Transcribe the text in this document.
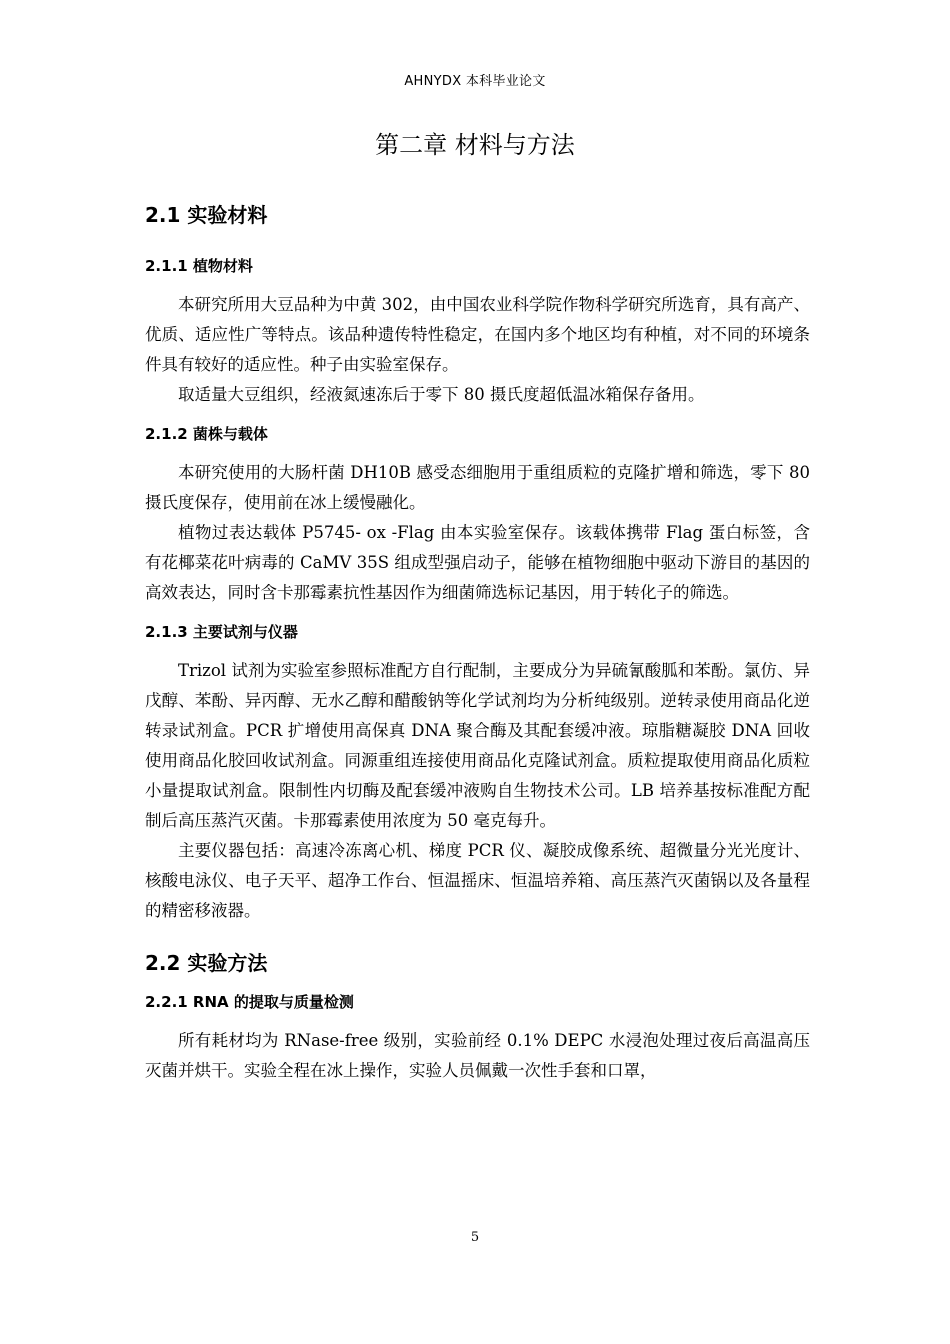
AHNYDX 本科毕业论文
第二章 材料与方法
2.1 实验材料
2.1.1 植物材料

本研究所用大豆品种为中黄 302，由中国农业科学院作物科学研究所选育，具有高产、优质、适应性广等特点。该品种遗传特性稳定，在国内多个地区均有种植，对不同的环境条件具有较好的适应性。种子由实验室保存。

取适量大豆组织，经液氮速冻后于零下 80 摄氏度超低温冰箱保存备用。

2.1.2 菌株与载体

本研究使用的大肠杆菌 DH10B 感受态细胞用于重组质粒的克隆扩增和筛选，零下 80 摄氏度保存，使用前在冰上缓慢融化。

植物过表达载体 P5745- ox -Flag 由本实验室保存。该载体携带 Flag 蛋白标签，含有花椰菜花叶病毒的 CaMV 35S 组成型强启动子，能够在植物细胞中驱动下游目的基因的高效表达，同时含卡那霉素抗性基因作为细菌筛选标记基因，用于转化子的筛选。

2.1.3 主要试剂与仪器

Trizol 试剂为实验室参照标准配方自行配制，主要成分为异硫氰酸胍和苯酚。氯仿、异戊醇、苯酚、异丙醇、无水乙醇和醋酸钠等化学试剂均为分析纯级别。逆转录使用商品化逆转录试剂盒。PCR 扩增使用高保真 DNA 聚合酶及其配套缓冲液。琼脂糖凝胶 DNA 回收使用商品化胶回收试剂盒。同源重组连接使用商品化克隆试剂盒。质粒提取使用商品化质粒小量提取试剂盒。限制性内切酶及配套缓冲液购自生物技术公司。LB 培养基按标准配方配制后高压蒸汽灭菌。卡那霉素使用浓度为 50 毫克每升。

主要仪器包括：高速冷冻离心机、梯度 PCR 仪、凝胶成像系统、超微量分光光度计、核酸电泳仪、电子天平、超净工作台、恒温摇床、恒温培养箱、高压蒸汽灭菌锅以及各量程的精密移液器。

2.2 实验方法
2.2.1 RNA 的提取与质量检测

所有耗材均为 RNase-free 级别，实验前经 0.1% DEPC 水浸泡处理过夜后高温高压灭菌并烘干。实验全程在冰上操作，实验人员佩戴一次性手套和口罩，

5
